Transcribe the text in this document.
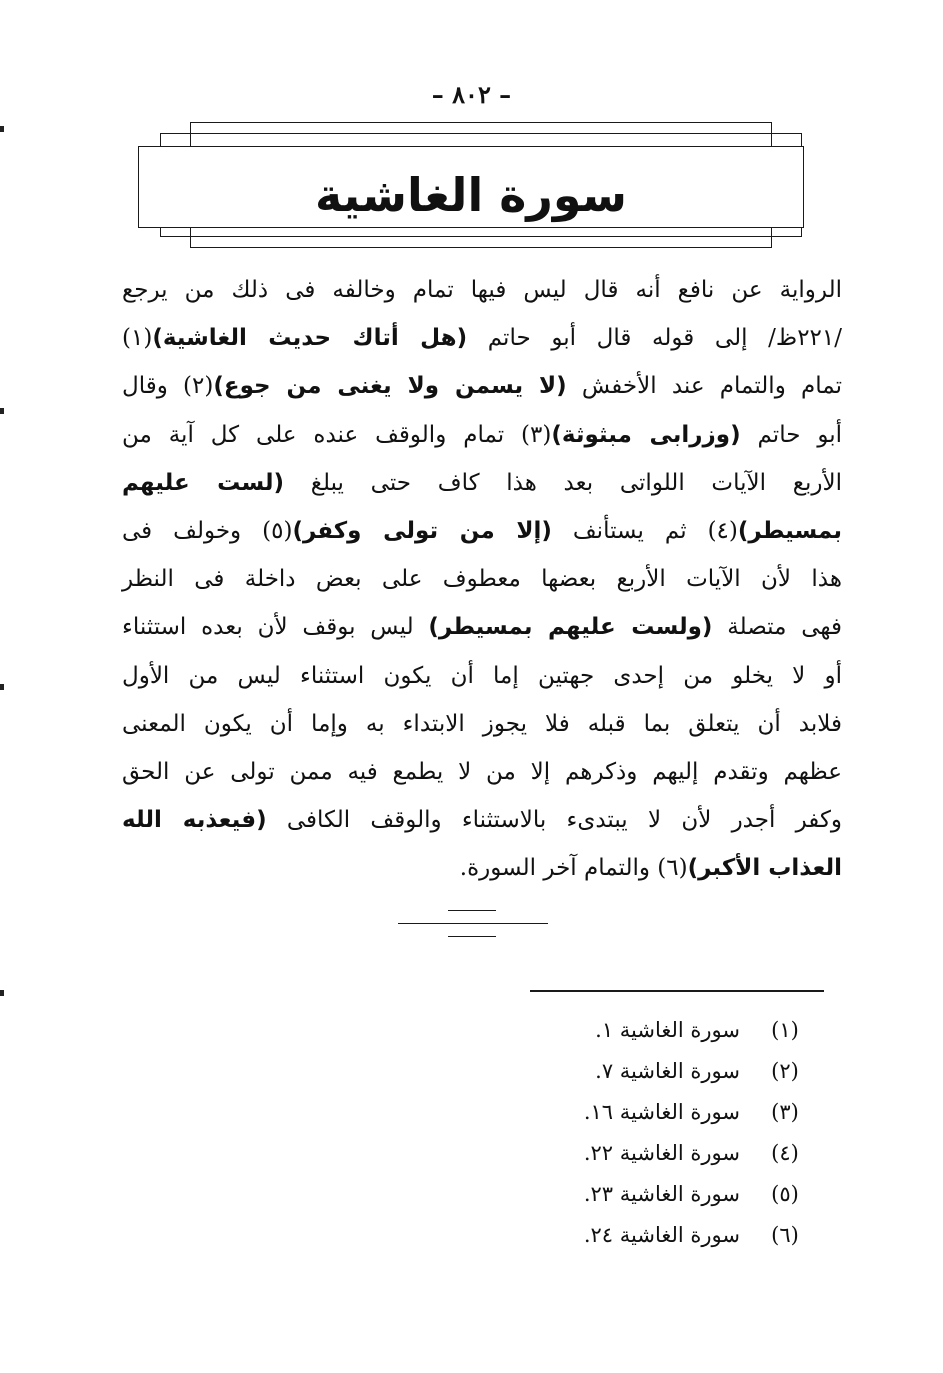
– ٨٠٢ –
سورة الغاشية
الرواية عن نافع أنه قال ليس فيها تمام وخالفه فى ذلك من يرجع
/٢٢١ظ/ إلى قوله قال أبو حاتم (هل أتاك حديث الغاشية)(١)
تمام والتمام عند الأخفش (لا يسمن ولا يغنى من جوع)(٢) وقال
أبو حاتم (وزرابى مبثوثة)(٣) تمام والوقف عنده على كل آية من
الأربع الآيات اللواتى بعد هذا كاف حتى يبلغ (لست عليهم
بمسيطر)(٤) ثم يستأنف (إلا من تولى وكفر)(٥) وخولف فى
هذا لأن الآيات الأربع بعضها معطوف على بعض داخلة فى النظر
فهى متصلة (ولست عليهم بمسيطر) ليس بوقف لأن بعده استثناء
أو لا يخلو من إحدى جهتين إما أن يكون استثناء ليس من الأول
فلابد أن يتعلق بما قبله فلا يجوز الابتداء به وإما أن يكون المعنى
عظهم وتقدم إليهم وذكرهم إلا من لا يطمع فيه ممن تولى عن الحق
وكفر أجدر لأن لا يبتدىء بالاستثناء والوقف الكافى (فيعذبه الله
العذاب الأكبر)(٦) والتمام آخر السورة.
(١)
سورة الغاشية ١.
(٢)
سورة الغاشية ٧.
(٣)
سورة الغاشية ١٦.
(٤)
سورة الغاشية ٢٢.
(٥)
سورة الغاشية ٢٣.
(٦)
سورة الغاشية ٢٤.
